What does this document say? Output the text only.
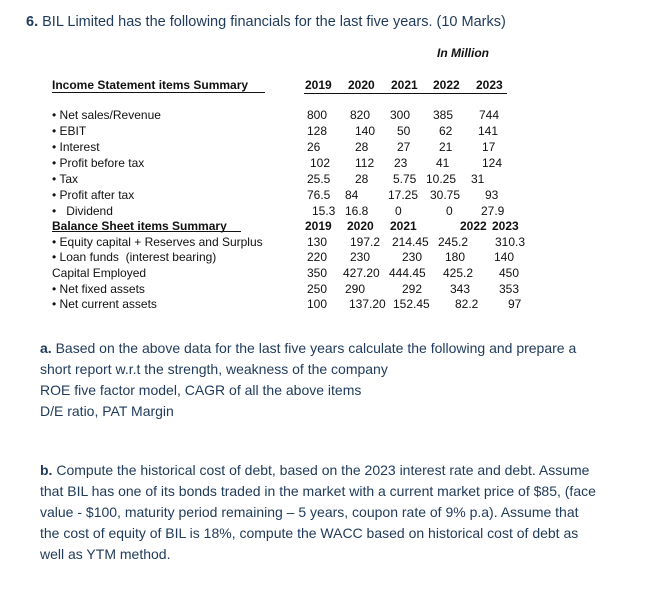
6. BIL Limited has the following financials for the last five years. (10 Marks)
In Million
Income Statement items Summary	2019 2020 2021 2022 2023
• Net sales/Revenue	800 820 300 385 744
• EBIT	128 140 50 62 141
• Interest	26	28 27 21 17
• Profit before tax	102 112 23 41	124
• Tax	25.5 28 5.75 10.25 31
• Profit after tax	76.5 84 17.25 30.75 93
•   Dividend	15.3 16.8 0	0 27.9
Balance Sheet items Summary	2019 2020 2021	2022 2023
• Equity capital + Reserves and Surplus	130 197.2 214.45 245.2 310.3
• Loan funds  (interest bearing)	220 230	230 180 140
Capital Employed	350 427.20 444.45 425.2 450
• Net fixed assets	250 290	292 343 353
• Net current assets	100 137.20 152.45 82.2 97
a. Based on the above data for the last five years calculate the following and prepare a
short report w.r.t the strength, weakness of the company
ROE five factor model, CAGR of all the above items
D/E ratio, PAT Margin
b. Compute the historical cost of debt, based on the 2023 interest rate and debt. Assume
that BIL has one of its bonds traded in the market with a current market price of $85, (face
value - $100, maturity period remaining – 5 years, coupon rate of 9% p.a). Assume that
the cost of equity of BIL is 18%, compute the WACC based on historical cost of debt as
well as YTM method.
